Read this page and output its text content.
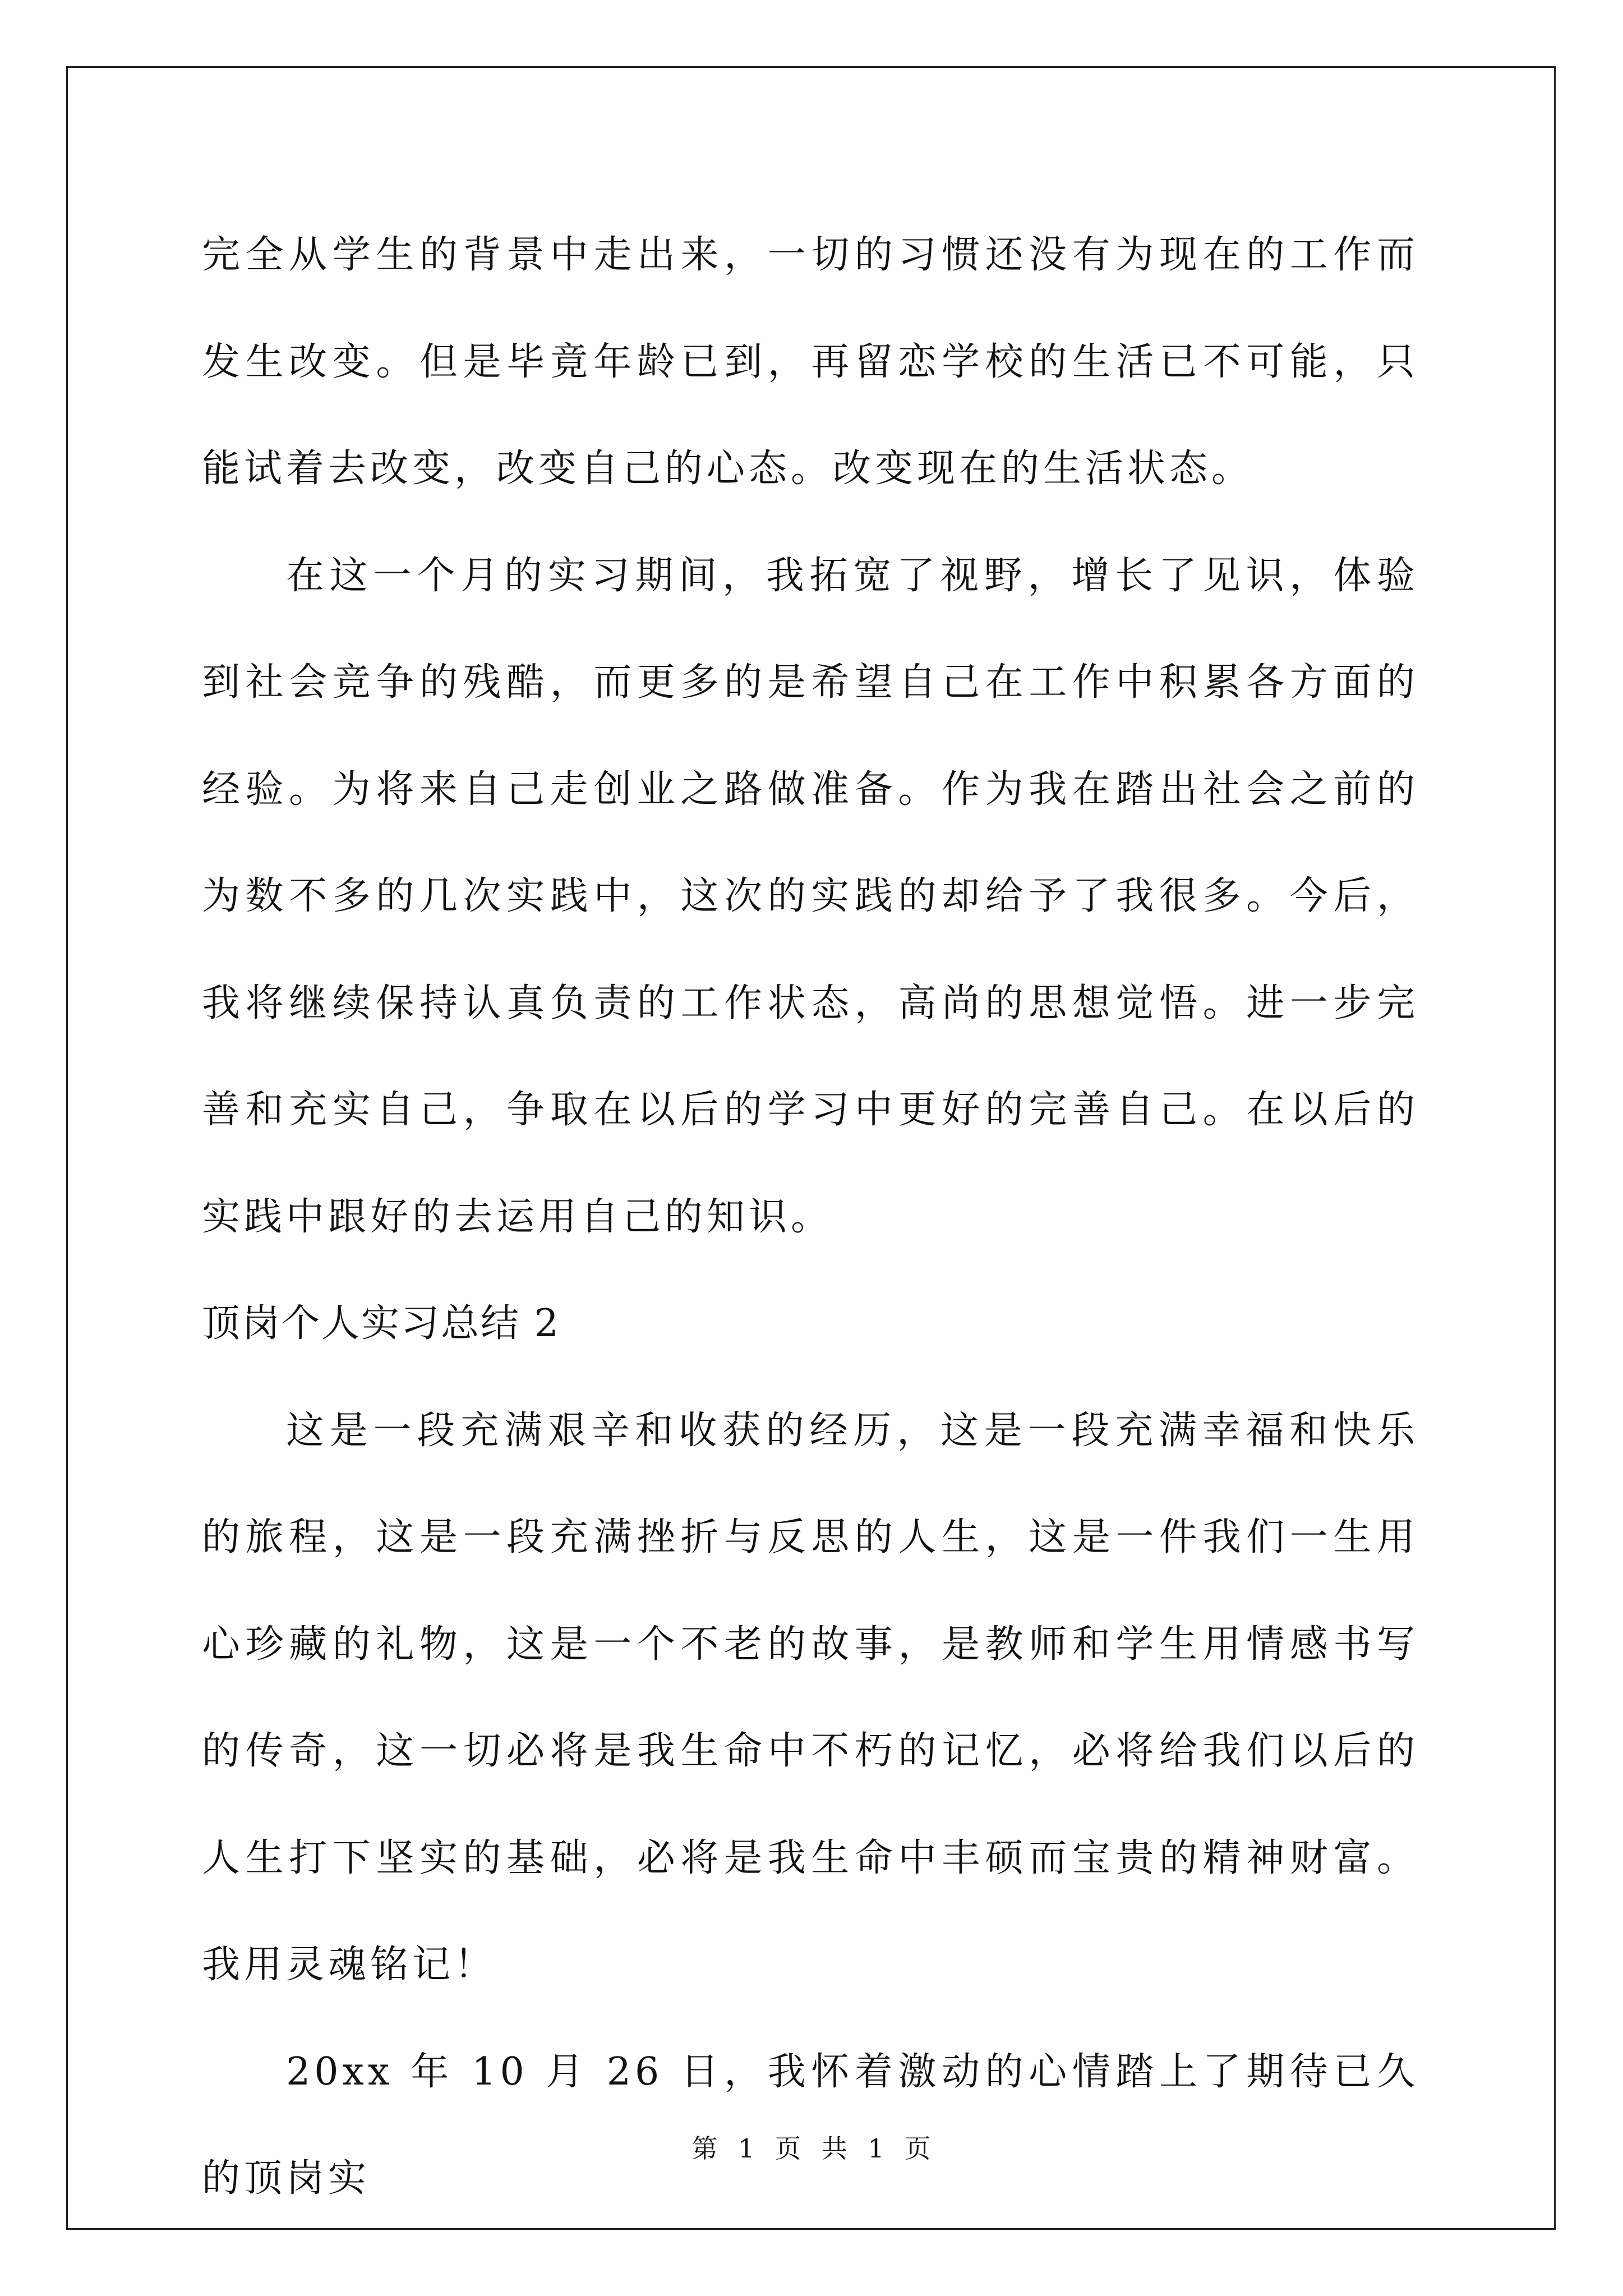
完全从学生的背景中走出来，一切的习惯还没有为现在的工作而发生改变。但是毕竟年龄已到，再留恋学校的生活已不可能，只能试着去改变，改变自己的心态。改变现在的生活状态。

在这一个月的实习期间，我拓宽了视野，增长了见识，体验到社会竞争的残酷，而更多的是希望自己在工作中积累各方面的经验。为将来自己走创业之路做准备。作为我在踏出社会之前的为数不多的几次实践中，这次的实践的却给予了我很多。今后，我将继续保持认真负责的工作状态，高尚的思想觉悟。进一步完善和充实自己，争取在以后的学习中更好的完善自己。在以后的实践中跟好的去运用自己的知识。

顶岗个人实习总结 2

这是一段充满艰辛和收获的经历，这是一段充满幸福和快乐的旅程，这是一段充满挫折与反思的人生，这是一件我们一生用心珍藏的礼物，这是一个不老的故事，是教师和学生用情感书写的传奇，这一切必将是我生命中不朽的记忆，必将给我们以后的人生打下坚实的基础，必将是我生命中丰硕而宝贵的精神财富。我用灵魂铭记！

20xx 年 10 月 26 日，我怀着激动的心情踏上了期待已久的顶岗实

第 1 页 共 1 页
